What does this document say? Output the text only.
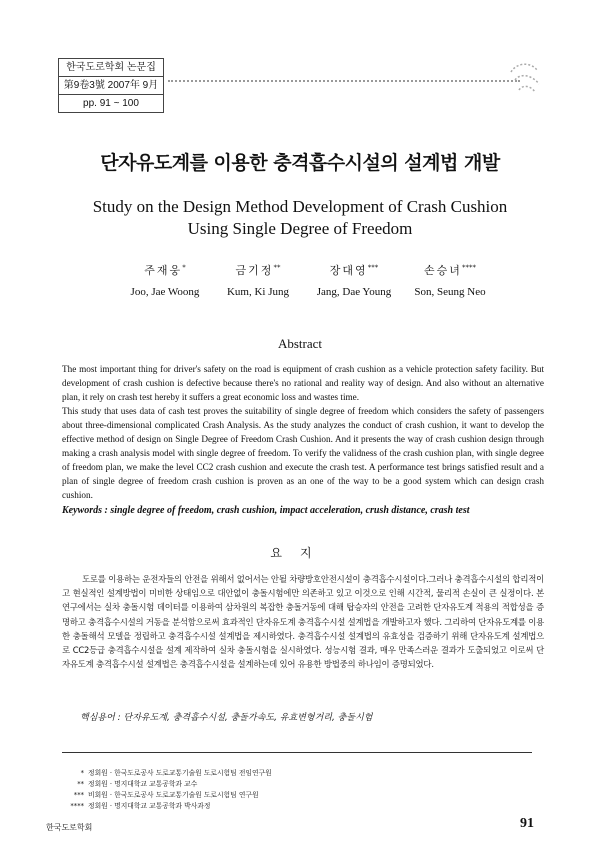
한국도로학회 논문집
第9卷3號 2007年 9月
pp. 91 ~ 100
단자유도계를 이용한 충격흡수시설의 설계법 개발
Study on the Design Method Development of Crash Cushion
Using Single Degree of Freedom
주재웅*
Joo, Jae Woong
금기정**
Kum, Ki Jung
장대영***
Jang, Dae Young
손승녀****
Son, Seung Neo
Abstract

The most important thing for driver's safety on the road is equipment of crash cushion as a vehicle protection safety facility. But development of crash cushion is defective because there's no rational and reality way of design. And also without an alternative plan, it rely on crash test hereby it suffers a great economic loss and wastes time.

This study that uses data of cash test proves the suitability of single degree of freedom which considers the safety of passengers about three-dimensional complicated Crash Analysis. As the study analyzes the conduct of crash cushion, it want to develop the effective method of design on Single Degree of Freedom Crash Cushion. And it presents the way of crash cushion design through making a crash analysis model with single degree of freedom. To verify the validness of the crash cushion plan, with single degree of freedom plan, we make the level CC2 crash cushion and execute the crash test. A performance test brings satisfied result and a plan of single degree of freedom crash cushion is proven as an one of the way to be a good system which can design crash cushion.

Keywords : single degree of freedom, crash cushion, impact acceleration, crush distance, crash test
요지
도로를 이용하는 운전자들의 안전을 위해서 없어서는 안될 차량방호안전시설이 충격흡수시설이다.그러나 충격흡수시설의 합리적이고 현실적인 설계방법이 미비한 상태임으로 대안없이 충돌시험에만 의존하고 있고 이것으로 인해 시간적, 물리적 손실이 큰 실정이다. 본 연구에서는 실차 충돌시험 데이터를 이용하여 삼차원의 복잡한 충돌거동에 대해 탑승자의 안전을 고려한 단자유도계 적용의 적합성을 증명하고 충격흡수시설의 거동을 분석함으로써 효과적인 단자유도계 충격흡수시설 설계법을 개발하고자 했다. 그리하여 단자유도계를 이용한 충돌해석 모델을 정립하고 충격흡수시설 설계법을 제시하였다. 충격흡수시설 설계법의 유효성을 검증하기 위해 단자유도계 설계법으로 CC2등급 충격흡수시설을 설계 제작하여 실차 충돌시험을 실시하였다. 성능시험 결과, 매우 만족스러운 결과가 도출되었고 이로써 단자유도계 충격흡수시설 설계법은 충격흡수시설을 설계하는데 있어 유용한 방법중의 하나임이 증명되었다.
핵심용어 : 단자유도계, 충격흡수시설, 충돌가속도, 유효변형거리, 충돌시험
* 정회원 · 한국도로공사 도로교통기술원 도로시험팀 전임연구원
** 정회원 · 명지대학교 교통공학과 교수
*** 비회원 · 한국도로공사 도로교통기술원 도로시험팀 연구원
**** 정회원 · 명지대학교 교통공학과 박사과정
한국도로학회	91
